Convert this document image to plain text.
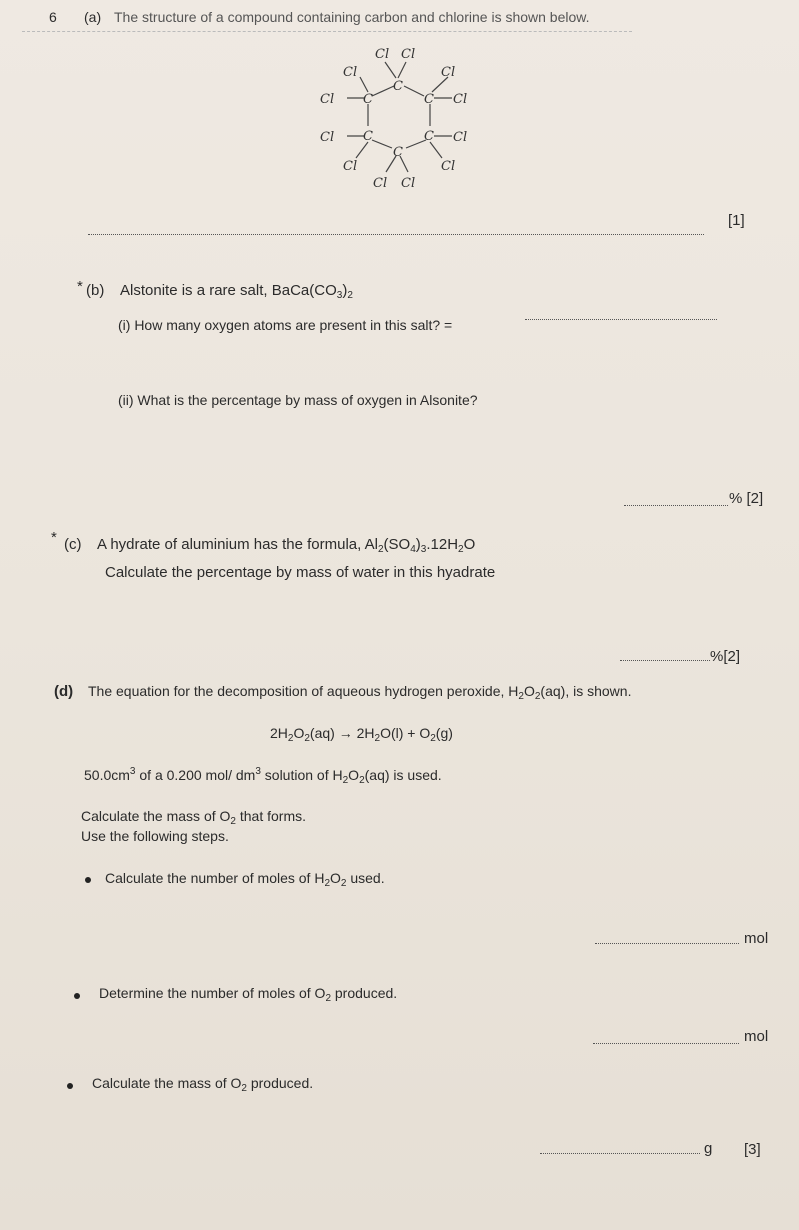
6 (a) The structure of a compound containing carbon and chlorine is shown below.
Cl Cl
Cl	Cl
C
Cl C	C Cl
Cl C	C Cl
C
Cl	Cl
Cl Cl
[1]
* (b) Alstonite is a rare salt, $BaCa(CO_3)_2$
(i) How many oxygen atoms are present in this salt? =
(ii) What is the percentage by mass of oxygen in Alsonite?
% [2]
* (c) A hydrate of aluminium has the formula, $Al_2(SO_4)_3.12H_2O$
Calculate the percentage by mass of water in this hyadrate
%[2]
(d) The equation for the decomposition of aqueous hydrogen peroxide, $H_2O_2(aq)$, is shown.
$2H_2O_2(aq) \to 2H_2O(l) + O_2(g)$
$50.0cm^3$ of a 0.200 mol/ $dm^3$ solution of $H_2O_2(aq)$ is used.
Calculate the mass of $O_2$ that forms.
Use the following steps.
Calculate the number of moles of $H_2O_2$ used.
mol
Determine the number of moles of $O_2$ produced.
mol
Calculate the mass of $O_2$ produced.
g [3]
